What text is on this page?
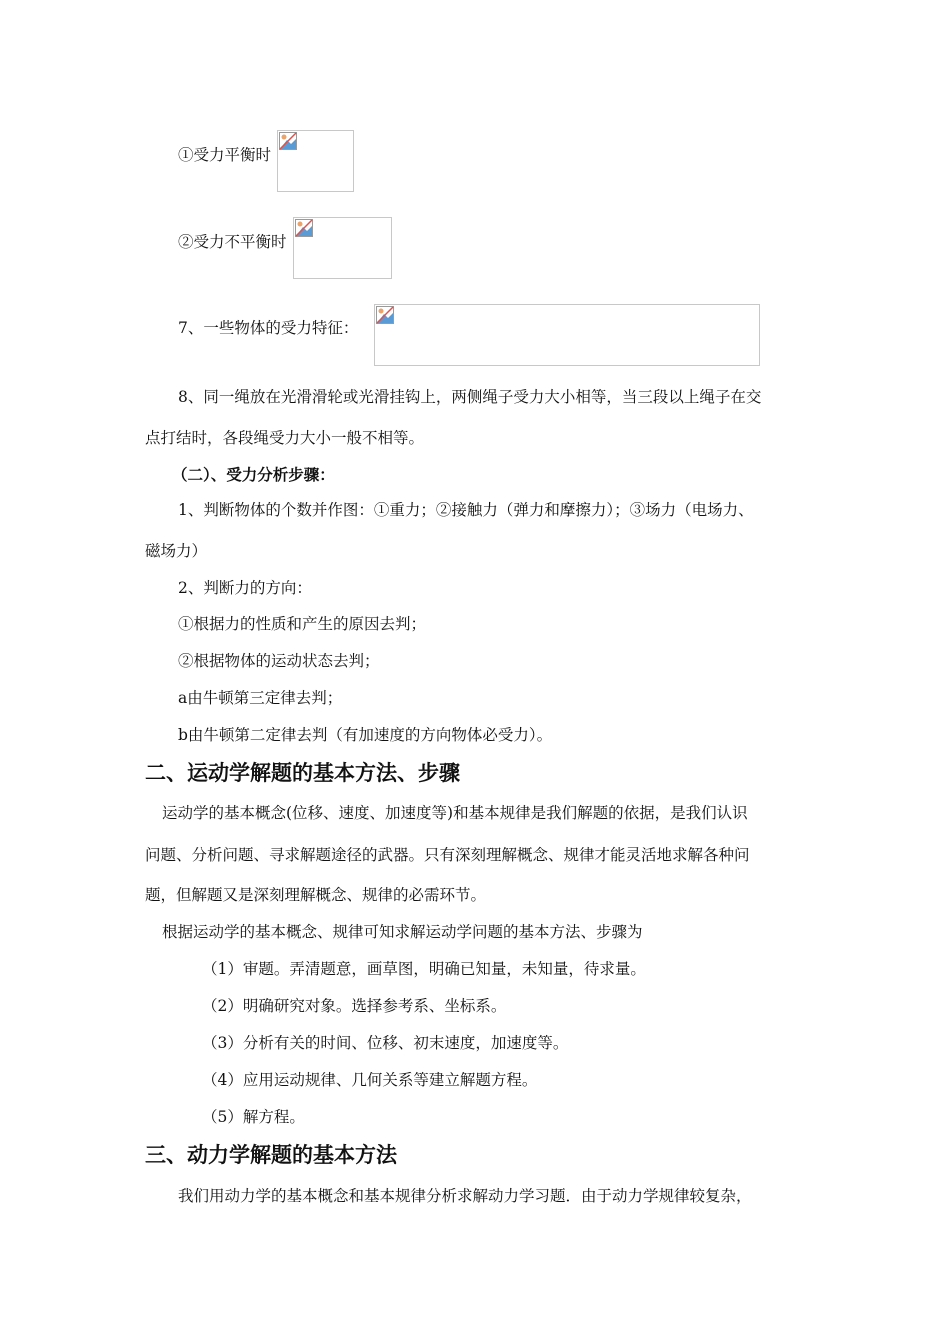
①受力平衡时
②受力不平衡时
7、一些物体的受力特征：
8、同一绳放在光滑滑轮或光滑挂钩上，两侧绳子受力大小相等，当三段以上绳子在交
点打结时，各段绳受力大小一般不相等。
（二）、受力分析步骤：
1、判断物体的个数并作图：①重力；②接触力（弹力和摩擦力）；③场力（电场力、
磁场力）
2、判断力的方向：
①根据力的性质和产生的原因去判；
②根据物体的运动状态去判；
a由牛顿第三定律去判；
b由牛顿第二定律去判（有加速度的方向物体必受力）。
二、运动学解题的基本方法、步骤
运动学的基本概念(位移、速度、加速度等)和基本规律是我们解题的依据，是我们认识
问题、分析问题、寻求解题途径的武器。只有深刻理解概念、规律才能灵活地求解各种问
题，但解题又是深刻理解概念、规律的必需环节。
根据运动学的基本概念、规律可知求解运动学问题的基本方法、步骤为
（1）审题。弄清题意，画草图，明确已知量，未知量，待求量。
（2）明确研究对象。选择参考系、坐标系。
（3）分析有关的时间、位移、初末速度，加速度等。
（4）应用运动规律、几何关系等建立解题方程。
（5）解方程。
三、动力学解题的基本方法
我们用动力学的基本概念和基本规律分析求解动力学习题．由于动力学规律较复杂，
